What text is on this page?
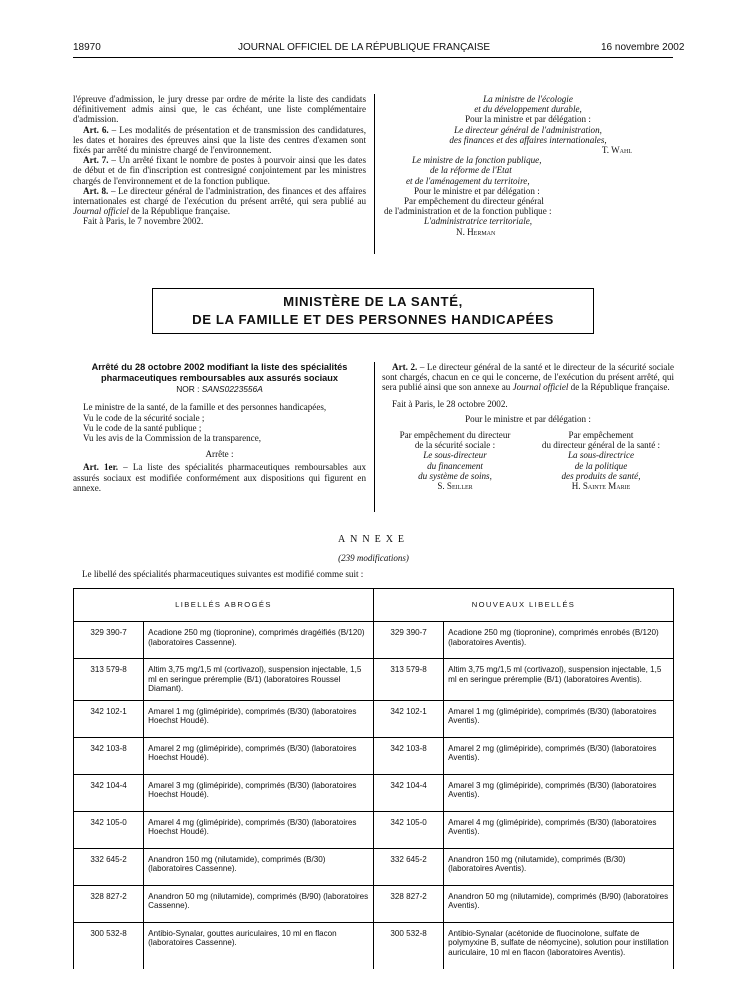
18970	JOURNAL OFFICIEL DE LA RÉPUBLIQUE FRANÇAISE	16 novembre 2002

l'épreuve d'admission, le jury dresse par ordre de mérite la liste des candidats définitivement admis ainsi que, le cas échéant, une liste complémentaire d'admission.

Art. 6. – Les modalités de présentation et de transmission des candidatures, les dates et horaires des épreuves ainsi que la liste des centres d'examen sont fixés par arrêté du ministre chargé de l'environnement.

Art. 7. – Un arrêté fixant le nombre de postes à pourvoir ainsi que les dates de début et de fin d'inscription est contresigné conjointement par les ministres chargés de l'environnement et de la fonction publique.

Art. 8. – Le directeur général de l'administration, des finances et des affaires internationales est chargé de l'exécution du présent arrêté, qui sera publié au Journal officiel de la République française.

Fait à Paris, le 7 novembre 2002.

La ministre de l'écologie
et du développement durable,
Pour la ministre et par délégation :
Le directeur général de l'administration,
des finances et des affaires internationales,
T. Wahl
Le ministre de la fonction publique,
de la réforme de l'Etat
et de l'aménagement du territoire,
Pour le ministre et par délégation :
Par empêchement du directeur général
de l'administration et de la fonction publique :
L'administratrice territoriale,
N. Herman
MINISTÈRE DE LA SANTÉ,
DE LA FAMILLE ET DES PERSONNES HANDICAPÉES
Arrêté du 28 octobre 2002 modifiant la liste des spécialités
pharmaceutiques remboursables aux assurés sociaux
NOR : SANS0223556A

Le ministre de la santé, de la famille et des personnes handicapées,

Vu le code de la sécurité sociale ;

Vu le code de la santé publique ;

Vu les avis de la Commission de la transparence,

Arrête :

Art. 1er. – La liste des spécialités pharmaceutiques remboursables aux assurés sociaux est modifiée conformément aux dispositions qui figurent en annexe.

Art. 2. – Le directeur général de la santé et le directeur de la sécurité sociale sont chargés, chacun en ce qui le concerne, de l'exécution du présent arrêté, qui sera publié ainsi que son annexe au Journal officiel de la République française.

Fait à Paris, le 28 octobre 2002.

Pour le ministre et par délégation :
Par empêchement du directeur
de la sécurité sociale :
Le sous-directeur
du financement
du système de soins,
S. Seiller
Par empêchement
du directeur général de la santé :
La sous-directrice
de la politique
des produits de santé,
H. Sainte Marie
ANNEXE
(239 modifications)
Le libellé des spécialités pharmaceutiques suivantes est modifié comme suit :
LIBELLÉS ABROGÉS		NOUVEAUX LIBELLÉS	
329 390-7	Acadione 250 mg (tiopronine), comprimés dragéifiés (B/120) (laboratoires Cassenne).	329 390-7	Acadione 250 mg (tiopronine), comprimés enrobés (B/120) (laboratoires Aventis).
313 579-8	Altim 3,75 mg/1,5 ml (cortivazol), suspension injectable, 1,5 ml en seringue préremplie (B/1) (laboratoires Roussel Diamant).	313 579-8	Altim 3,75 mg/1,5 ml (cortivazol), suspension injectable, 1,5 ml en seringue préremplie (B/1) (laboratoires Aventis).
342 102-1	Amarel 1 mg (glimépiride), comprimés (B/30) (laboratoires Hoechst Houdé).	342 102-1	Amarel 1 mg (glimépiride), comprimés (B/30) (laboratoires Aventis).
342 103-8	Amarel 2 mg (glimépiride), comprimés (B/30) (laboratoires Hoechst Houdé).	342 103-8	Amarel 2 mg (glimépiride), comprimés (B/30) (laboratoires Aventis).
342 104-4	Amarel 3 mg (glimépiride), comprimés (B/30) (laboratoires Hoechst Houdé).	342 104-4	Amarel 3 mg (glimépiride), comprimés (B/30) (laboratoires Aventis).
342 105-0	Amarel 4 mg (glimépiride), comprimés (B/30) (laboratoires Hoechst Houdé).	342 105-0	Amarel 4 mg (glimépiride), comprimés (B/30) (laboratoires Aventis).
332 645-2	Anandron 150 mg (nilutamide), comprimés (B/30) (laboratoires Cassenne).	332 645-2	Anandron 150 mg (nilutamide), comprimés (B/30) (laboratoires Aventis).
328 827-2	Anandron 50 mg (nilutamide), comprimés (B/90) (laboratoires Cassenne).	328 827-2	Anandron 50 mg (nilutamide), comprimés (B/90) (laboratoires Aventis).
300 532-8	Antibio-Synalar, gouttes auriculaires, 10 ml en flacon (laboratoires Cassenne).	300 532-8	Antibio-Synalar (acétonide de fluocinolone, sulfate de polymyxine B, sulfate de néomycine), solution pour instillation auriculaire, 10 ml en flacon (laboratoires Aventis).
